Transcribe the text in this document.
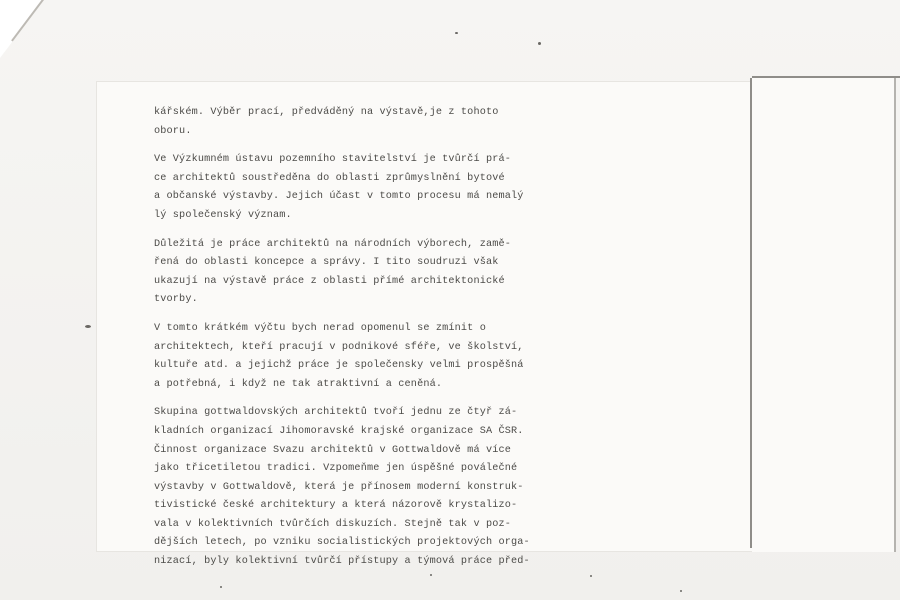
kářském. Výběr prací, předváděný na výstavě,je z tohoto
oboru.

Ve Výzkumném ústavu pozemního stavitelství je tvůrčí prá-
ce architektů soustředěna do oblasti zprůmyslnění bytové
a občanské výstavby. Jejich účast v tomto procesu má nemalý
lý společenský význam.

Důležitá je práce architektů na národních výborech, zamě-
řená do oblasti koncepce a správy. I tito soudruzi však
ukazují na výstavě práce z oblasti přímé architektonické
tvorby.

V tomto krátkém výčtu bych nerad opomenul se zmínit o
architektech, kteří pracují v podnikové sféře, ve školství,
kultuře atd. a jejichž práce je společensky velmi prospěšná
a potřebná, i když ne tak atraktivní a ceněná.

Skupina gottwaldovských architektů tvoří jednu ze čtyř zá-
kladních organizací Jihomoravské krajské organizace SA ČSR.
Činnost organizace Svazu architektů v Gottwaldově má více
jako třicetiletou tradici. Vzpomeňme jen úspěšné poválečné
výstavby v Gottwaldově, která je přínosem moderní konstruk-
tivistické české architektury a která názorově krystalizo-
vala v kolektivních tvůrčích diskuzích. Stejně tak v poz-
dějších letech, po vzniku socialistických projektových orga-
nizací, byly kolektivní tvůrčí přístupy a týmová práce před-
